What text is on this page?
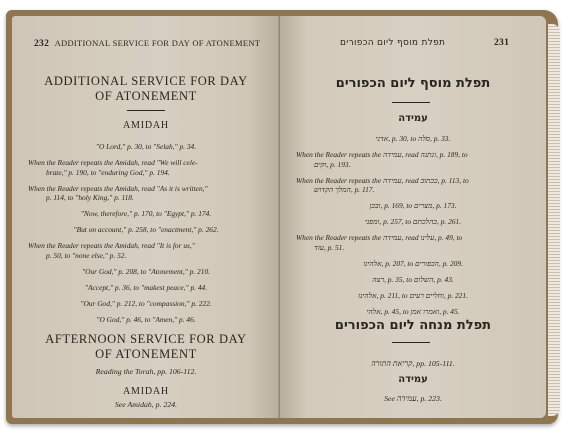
232 ADDITIONAL SERVICE FOR DAY OF ATONEMENT
ADDITIONAL SERVICE FOR DAY
OF ATONEMENT
AMIDAH
"O Lord," p. 30, to "Selah," p. 34.
When the Reader repeats the Amidah, read "We will cele-
brate," p. 190, to "enduring God," p. 194.
When the Reader repeats the Amidah, read "As it is written,"
p. 114, to "holy King," p. 118.
"Now, therefore," p. 170, to "Egypt," p. 174.
"But on account," p. 258, to "enactment," p. 262.
When the Reader repeats the Amidah, read "It is for us,"
p. 50, to "none else," p. 52.
"Our God," p. 208, to "Atonement," p. 210.
"Accept," p. 36, to "makest peace," p. 44.
"Our God," p. 212, to "compassion," p. 222.
"O God," p. 46, to "Amen," p. 46.
AFTERNOON SERVICE FOR DAY
OF ATONEMENT
Reading the Torah, pp. 106-112.
AMIDAH
See Amidah, p. 224.
תפלת מוסף ליום הכפורים	231
תפלת מוסף ליום הכפורים
עמידה
אדני, p. 30, to סלה, p. 33.
When the Reader repeats the עמידה, read ונתנה, p. 189, to
וקים, p. 193.
When the Reader repeats the עמידה, read ככתוב, p. 113, to
המלך הקדוש, p. 117.
ובכן, p. 169, to מצרים, p. 173.
ומפני, p. 257, to כהלכתם, p. 261.
When the Reader repeats the עמידה, read עלינו, p. 49, to
עוד, p. 51.
אלהינו, p. 207, to הכפורים, p. 209.
רצה, p. 35, to השלום, p. 43.
אלהינו, p. 211, to וחליים רעים, p. 221.
אלהי, p. 45, to ואמרו אמן, p. 45.
תפלת מנחה ליום הכפורים
קריאת התורה, pp. 105-111.
עמידה
See עמידה, p. 223.
